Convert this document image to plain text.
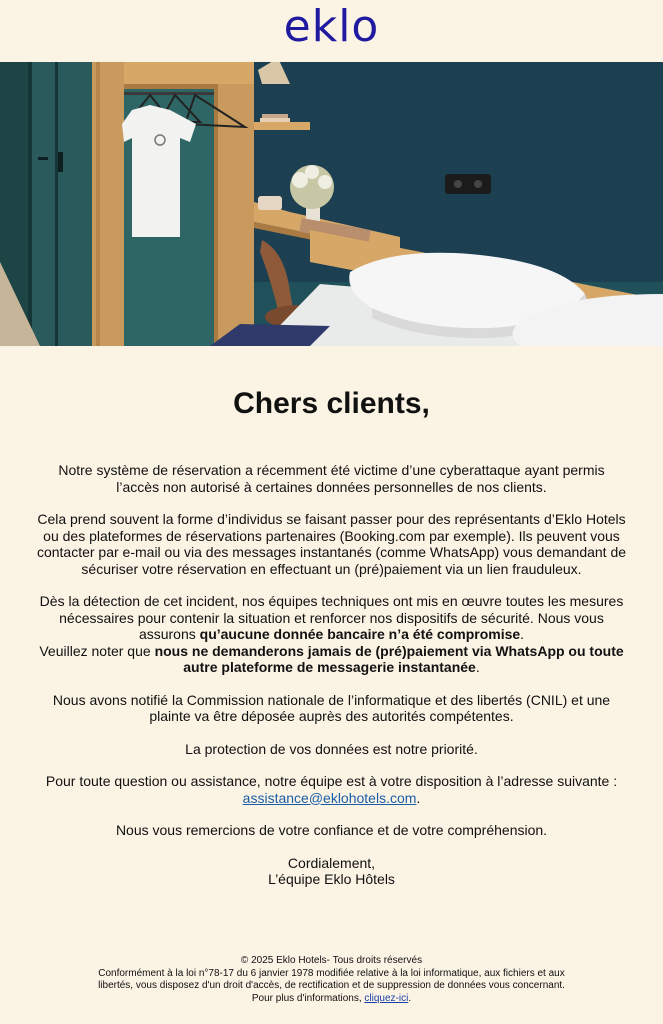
eklo
Chers clients,

Notre système de réservation a récemment été victime d’une cyberattaque ayant permis l’accès non autorisé à certaines données personnelles de nos clients.

Cela prend souvent la forme d’individus se faisant passer pour des représentants d’Eklo Hotels ou des plateformes de réservations partenaires (Booking.com par exemple). Ils peuvent vous contacter par e-mail ou via des messages instantanés (comme WhatsApp) vous demandant de sécuriser votre réservation en effectuant un (pré)paiement via un lien frauduleux.

Dès la détection de cet incident, nos équipes techniques ont mis en œuvre toutes les mesures nécessaires pour contenir la situation et renforcer nos dispositifs de sécurité. Nous vous assurons qu’aucune donnée bancaire n’a été compromise.
Veuillez noter que nous ne demanderons jamais de (pré)paiement via WhatsApp ou toute autre plateforme de messagerie instantanée.

Nous avons notifié la Commission nationale de l’informatique et des libertés (CNIL) et une plainte va être déposée auprès des autorités compétentes.

La protection de vos données est notre priorité.

Pour toute question ou assistance, notre équipe est à votre disposition à l’adresse suivante :
assistance@eklohotels.com.

Nous vous remercions de votre confiance et de votre compréhension.

Cordialement,
L’équipe Eklo Hôtels

© 2025 Eklo Hotels- Tous droits réservés
Conformément à la loi n°78-17 du 6 janvier 1978 modifiée relative à la loi informatique, aux fichiers et aux libertés, vous disposez d'un droit d'accès, de rectification et de suppression de données vous concernant. Pour plus d'informations, cliquez-ici.
